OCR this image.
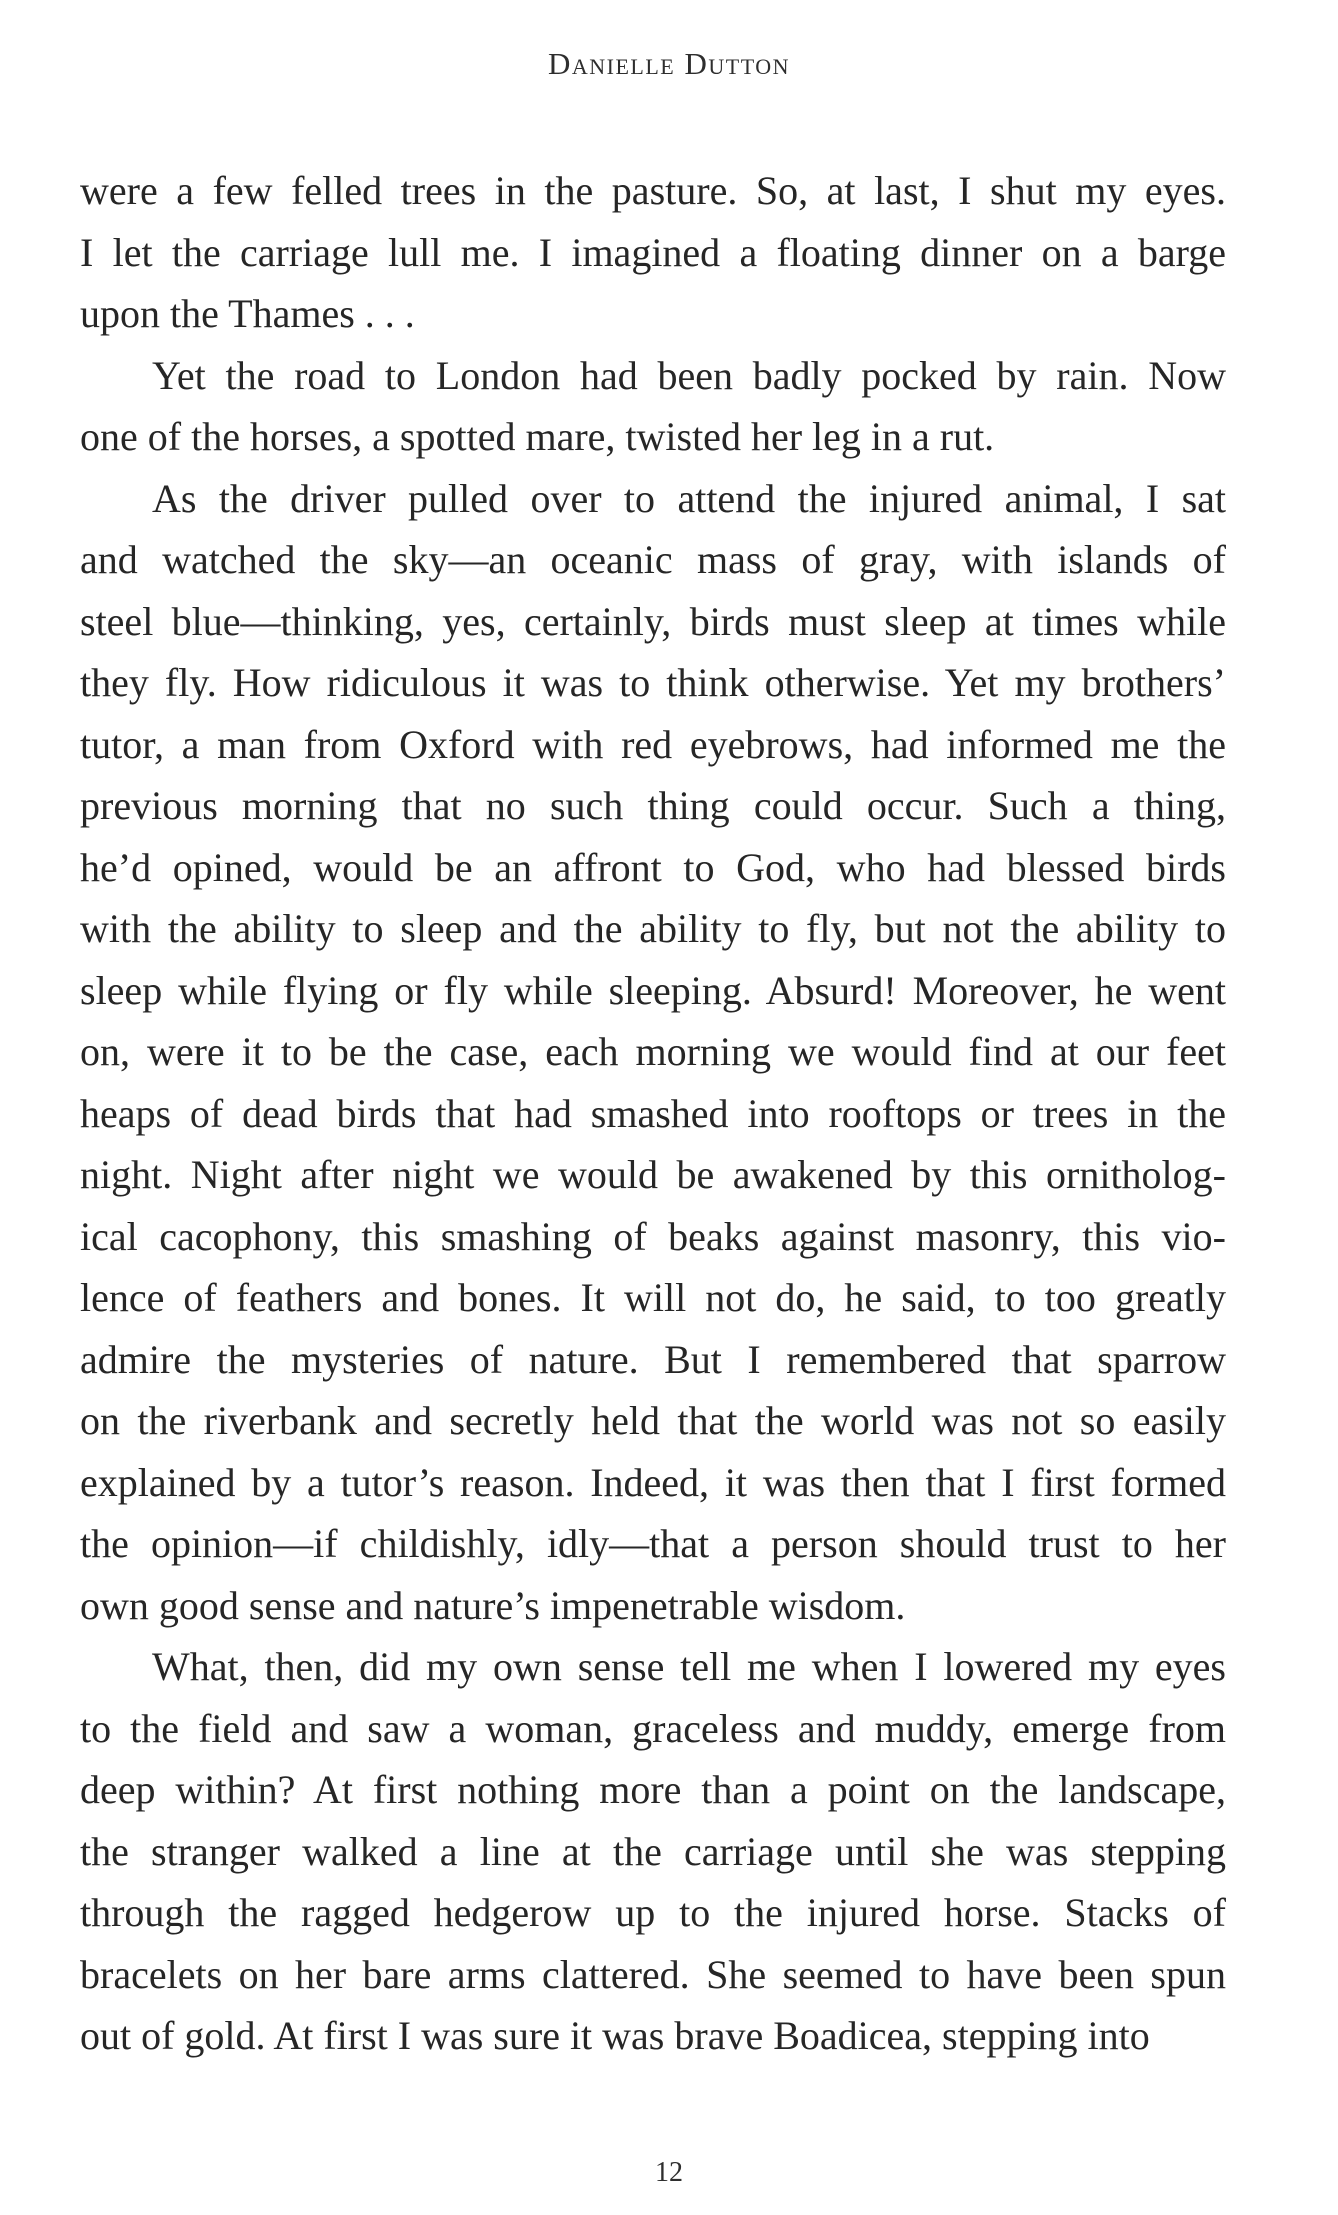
Danielle Dutton

were a few felled trees in the pasture. So, at last, I shut my eyes.

I let the carriage lull me. I imagined a floating dinner on a barge

upon the Thames . . .

Yet the road to London had been badly pocked by rain. Now

one of the horses, a spotted mare, twisted her leg in a rut.

As the driver pulled over to attend the injured animal, I sat

and watched the sky—an oceanic mass of gray, with islands of

steel blue—thinking, yes, certainly, birds must sleep at times while

they fly. How ridiculous it was to think otherwise. Yet my brothers’

tutor, a man from Oxford with red eyebrows, had informed me the

previous morning that no such thing could occur. Such a thing,

he’d opined, would be an affront to God, who had blessed birds

with the ability to sleep and the ability to fly, but not the ability to

sleep while flying or fly while sleeping. Absurd! Moreover, he went

on, were it to be the case, each morning we would find at our feet

heaps of dead birds that had smashed into rooftops or trees in the

night. Night after night we would be awakened by this ornitholog-

ical cacophony, this smashing of beaks against masonry, this vio-

lence of feathers and bones. It will not do, he said, to too greatly

admire the mysteries of nature. But I remembered that sparrow

on the riverbank and secretly held that the world was not so easily

explained by a tutor’s reason. Indeed, it was then that I first formed

the opinion—if childishly, idly—that a person should trust to her

own good sense and nature’s impenetrable wisdom.

What, then, did my own sense tell me when I lowered my eyes

to the field and saw a woman, graceless and muddy, emerge from

deep within? At first nothing more than a point on the landscape,

the stranger walked a line at the carriage until she was stepping

through the ragged hedgerow up to the injured horse. Stacks of

bracelets on her bare arms clattered. She seemed to have been spun

out of gold. At first I was sure it was brave Boadicea, stepping into

12
